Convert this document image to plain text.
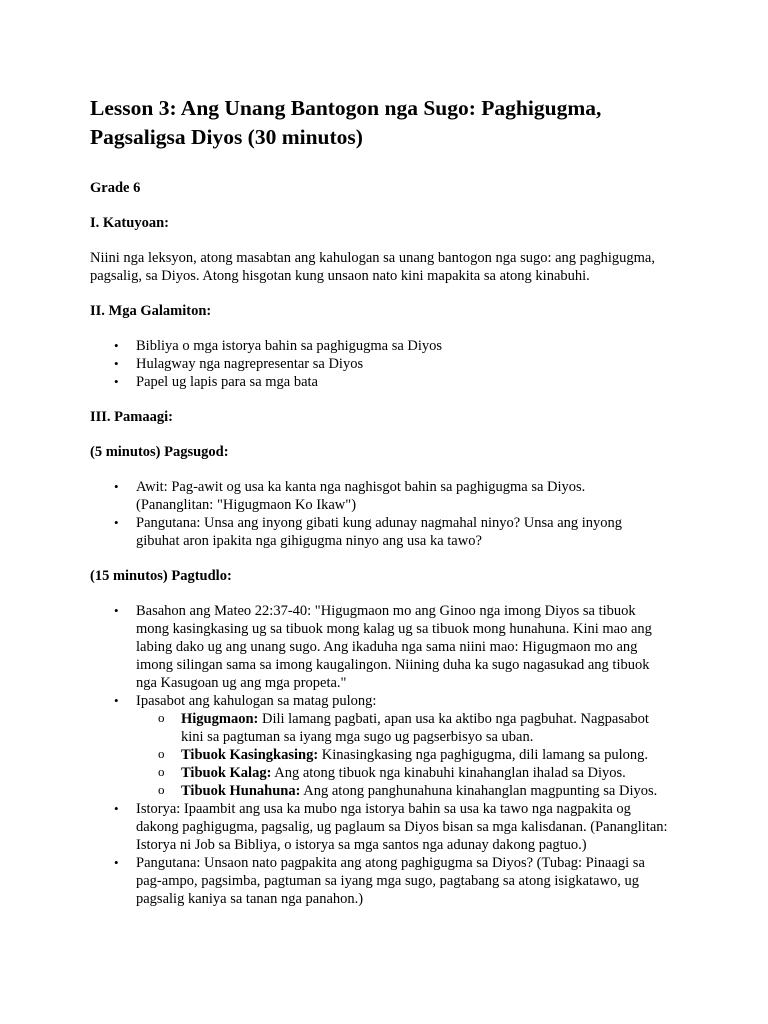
Lesson 3: Ang Unang Bantogon nga Sugo: Paghigugma, Pagsaligsa Diyos (30 minutos)

Grade 6

I. Katuyoan:

Niini nga leksyon, atong masabtan ang kahulogan sa unang bantogon nga sugo: ang paghigugma, pagsalig, sa Diyos. Atong hisgotan kung unsaon nato kini mapakita sa atong kinabuhi.

II. Mga Galamiton:

• Bibliya o mga istorya bahin sa paghigugma sa Diyos
• Hulagway nga nagrepresentar sa Diyos
• Papel ug lapis para sa mga bata

III. Pamaagi:

(5 minutos) Pagsugod:

• Awit: Pag-awit og usa ka kanta nga naghisgot bahin sa paghigugma sa Diyos. (Pananglitan: "Higugmaon Ko Ikaw")
• Pangutana: Unsa ang inyong gibati kung adunay nagmahal ninyo? Unsa ang inyong gibuhat aron ipakita nga gihigugma ninyo ang usa ka tawo?

(15 minutos) Pagtudlo:

• Basahon ang Mateo 22:37-40: "Higugmaon mo ang Ginoo nga imong Diyos sa tibuok mong kasingkasing ug sa tibuok mong kalag ug sa tibuok mong hunahuna. Kini mao ang labing dako ug ang unang sugo. Ang ikaduha nga sama niini mao: Higugmaon mo ang imong silingan sama sa imong kaugalingon. Niining duha ka sugo nagasukad ang tibuok nga Kasugoan ug ang mga propeta."
• Ipasabot ang kahulogan sa matag pulong:
o Higugmaon: Dili lamang pagbati, apan usa ka aktibo nga pagbuhat. Nagpasabot kini sa pagtuman sa iyang mga sugo ug pagserbisyo sa uban.
o Tibuok Kasingkasing: Kinasingkasing nga paghigugma, dili lamang sa pulong.
o Tibuok Kalag: Ang atong tibuok nga kinabuhi kinahanglan ihalad sa Diyos.
o Tibuok Hunahuna: Ang atong panghunahuna kinahanglan magpunting sa Diyos.
• Istorya: Ipaambit ang usa ka mubo nga istorya bahin sa usa ka tawo nga nagpakita og dakong paghigugma, pagsalig, ug paglaum sa Diyos bisan sa mga kalisdanan. (Pananglitan: Istorya ni Job sa Bibliya, o istorya sa mga santos nga adunay dakong pagtuo.)
• Pangutana: Unsaon nato pagpakita ang atong paghigugma sa Diyos? (Tubag: Pinaagi sa pag-ampo, pagsimba, pagtuman sa iyang mga sugo, pagtabang sa atong isigkatawo, ug pagsalig kaniya sa tanan nga panahon.)
